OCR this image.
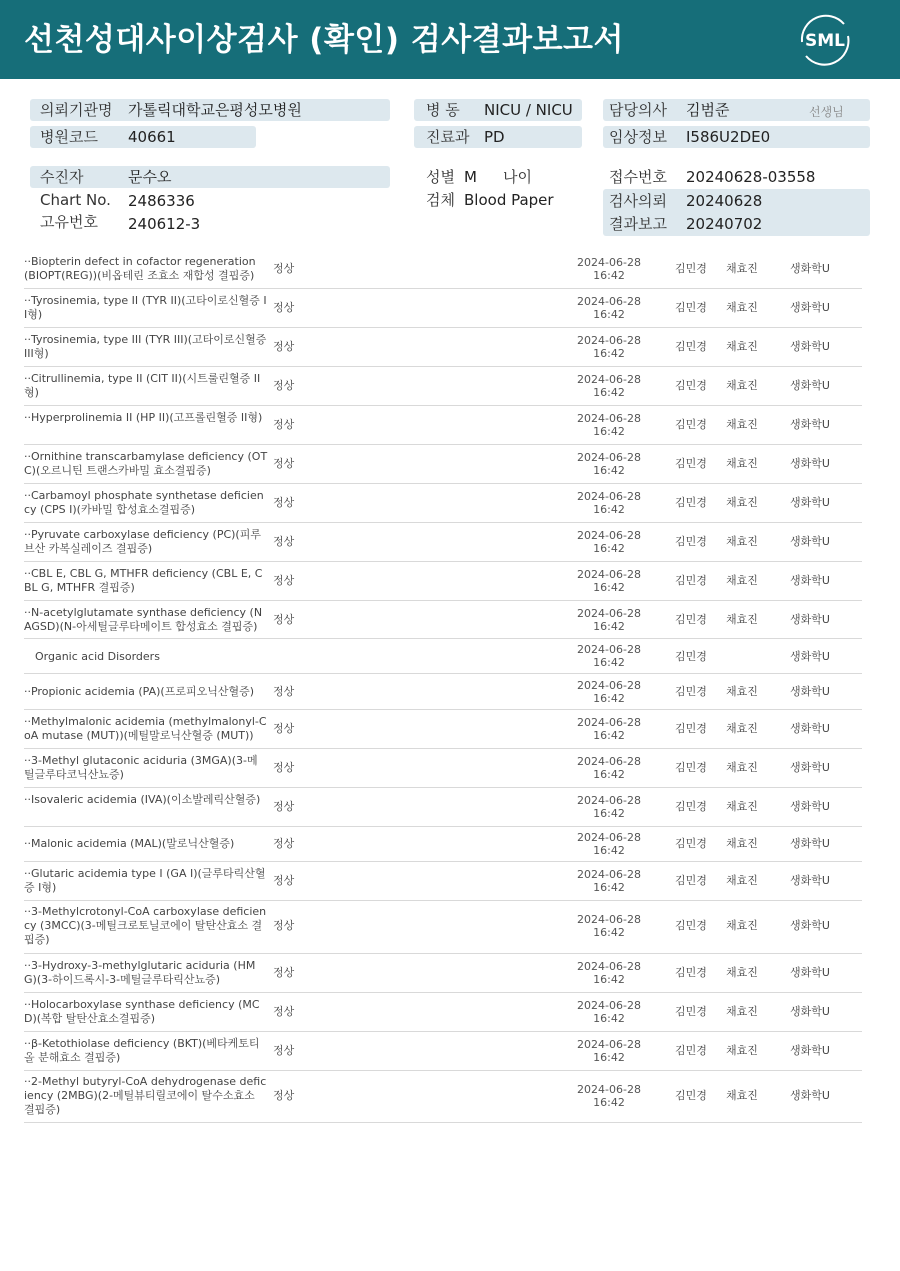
선천성대사이상검사 (확인) 검사결과보고서	SML
의뢰기관명 가톨릭대학교은평성모병원
병원코드 40661
병 동 NICU / NICU
진료과 PD
담당의사 김범준	선생님
임상정보 I586U2DE0
수진자	문수오
Chart No. 2486336
고유번호 240612-3
성별 M 나이
검체 Blood Paper
접수번호 20240628-03558
검사의뢰 20240628
결과보고 20240702
··Biopterin defect in cofactor regeneration (BIOPT(REG))(비옵테린 조효소 재합성 결핍증)
정상	2024-06-28
16:42
김민경 채효진	생화학U
··Tyrosinemia, type II (TYR II)(고타이로신혈증 II형)
정상	2024-06-28
16:42
김민경 채효진	생화학U
··Tyrosinemia, type III (TYR III)(고타이로신혈증 III형)
정상	2024-06-28
16:42
김민경 채효진	생화학U
··Citrullinemia, type II (CIT II)(시트룰린혈증 II형)
정상	2024-06-28
16:42
김민경 채효진	생화학U
··Hyperprolinemia II (HP II)(고프롤린혈증 II형)
정상	2024-06-28
16:42
김민경 채효진	생화학U
··Ornithine transcarbamylase deficiency (OTC)(오르니틴 트랜스카바밀 효소결핍증)
정상	2024-06-28
16:42
김민경 채효진	생화학U
··Carbamoyl phosphate synthetase deficiency (CPS I)(카바밀 합성효소결핍증)
정상	2024-06-28
16:42
김민경 채효진	생화학U
··Pyruvate carboxylase deficiency (PC)(피루브산 카복실레이즈 결핍증)
정상	2024-06-28
16:42
김민경 채효진	생화학U
··CBL E, CBL G, MTHFR deficiency (CBL E, CBL G, MTHFR 결핍증)
정상	2024-06-28
16:42
김민경 채효진	생화학U
··N-acetylglutamate synthase deficiency (NAGSD)(N-아세틸글루타메이트 합성효소 결핍증)
정상	2024-06-28
16:42
김민경 채효진	생화학U
Organic acid Disorders
2024-06-28
16:42	김민경	생화학U
··Propionic acidemia (PA)(프로피오닉산혈증)	정상	2024-06-28
16:42
김민경 채효진	생화학U
··Methylmalonic acidemia (methylmalonyl-CoA mutase (MUT))(메틸말로닉산혈증 (MUT))
정상	2024-06-28
16:42
김민경 채효진	생화학U
··3-Methyl glutaconic aciduria (3MGA)(3-메틸글루타코닉산뇨증)
정상	2024-06-28
16:42
김민경 채효진	생화학U
··Isovaleric acidemia (IVA)(이소발레릭산혈증)
정상	2024-06-28
16:42
김민경 채효진	생화학U
··Malonic acidemia (MAL)(말로닉산혈증)	정상	2024-06-28
16:42
김민경 채효진	생화학U
··Glutaric acidemia type I (GA I)(글루타릭산혈증 I형)
정상	2024-06-28
16:42
김민경 채효진	생화학U
··3-Methylcrotonyl-CoA carboxylase deficiency (3MCC)(3-메틸크로토닐코에이 탈탄산효소 결핍증)
정상	2024-06-28
16:42
김민경 채효진	생화학U
··3-Hydroxy-3-methylglutaric aciduria (HMG)(3-하이드록시-3-메틸글루타릭산뇨증)
정상	2024-06-28
16:42
김민경 채효진	생화학U
··Holocarboxylase synthase deficiency (MCD)(복합 탈탄산효소결핍증)
정상	2024-06-28
16:42
김민경 채효진	생화학U
··β-Ketothiolase deficiency (BKT)(베타케토티올 분해효소 결핍증)
정상	2024-06-28
16:42
김민경 채효진	생화학U
··2-Methyl butyryl-CoA dehydrogenase deficiency (2MBG)(2-메틸뷰티릴코에이 탈수소효소 결핍증)
정상	2024-06-28
16:42
김민경 채효진	생화학U
